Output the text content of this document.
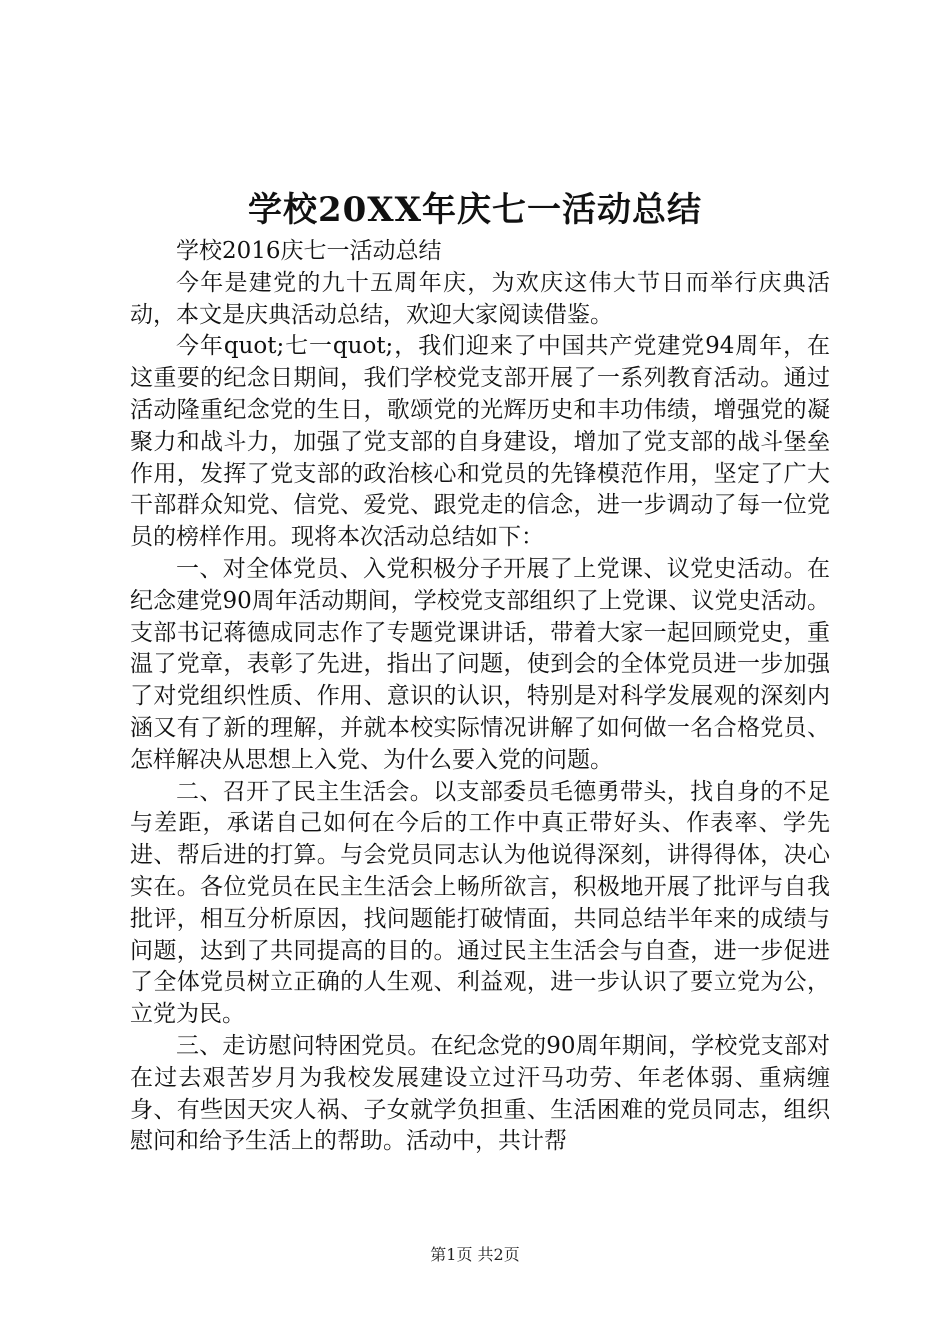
学校20XX年庆七一活动总结

学校2016庆七一活动总结

今年是建党的九十五周年庆，为欢庆这伟大节日而举行庆典活动，本文是庆典活动总结，欢迎大家阅读借鉴。

今年quot;七一quot;，我们迎来了中国共产党建党94周年，在这重要的纪念日期间，我们学校党支部开展了一系列教育活动。通过活动隆重纪念党的生日，歌颂党的光辉历史和丰功伟绩，增强党的凝聚力和战斗力，加强了党支部的自身建设，增加了党支部的战斗堡垒作用，发挥了党支部的政治核心和党员的先锋模范作用，坚定了广大干部群众知党、信党、爱党、跟党走的信念，进一步调动了每一位党员的榜样作用。现将本次活动总结如下：

一、对全体党员、入党积极分子开展了上党课、议党史活动。在纪念建党90周年活动期间，学校党支部组织了上党课、议党史活动。支部书记蒋德成同志作了专题党课讲话，带着大家一起回顾党史，重温了党章，表彰了先进，指出了问题，使到会的全体党员进一步加强了对党组织性质、作用、意识的认识，特别是对科学发展观的深刻内涵又有了新的理解，并就本校实际情况讲解了如何做一名合格党员、怎样解决从思想上入党、为什么要入党的问题。

二、召开了民主生活会。以支部委员毛德勇带头，找自身的不足与差距，承诺自己如何在今后的工作中真正带好头、作表率、学先进、帮后进的打算。与会党员同志认为他说得深刻，讲得得体，决心实在。各位党员在民主生活会上畅所欲言，积极地开展了批评与自我批评，相互分析原因，找问题能打破情面，共同总结半年来的成绩与问题，达到了共同提高的目的。通过民主生活会与自查，进一步促进了全体党员树立正确的人生观、利益观，进一步认识了要立党为公，立党为民。

三、走访慰问特困党员。在纪念党的90周年期间，学校党支部对在过去艰苦岁月为我校发展建设立过汗马功劳、年老体弱、重病缠身、有些因天灾人祸、子女就学负担重、生活困难的党员同志，组织慰问和给予生活上的帮助。活动中，共计帮

第1页 共2页
